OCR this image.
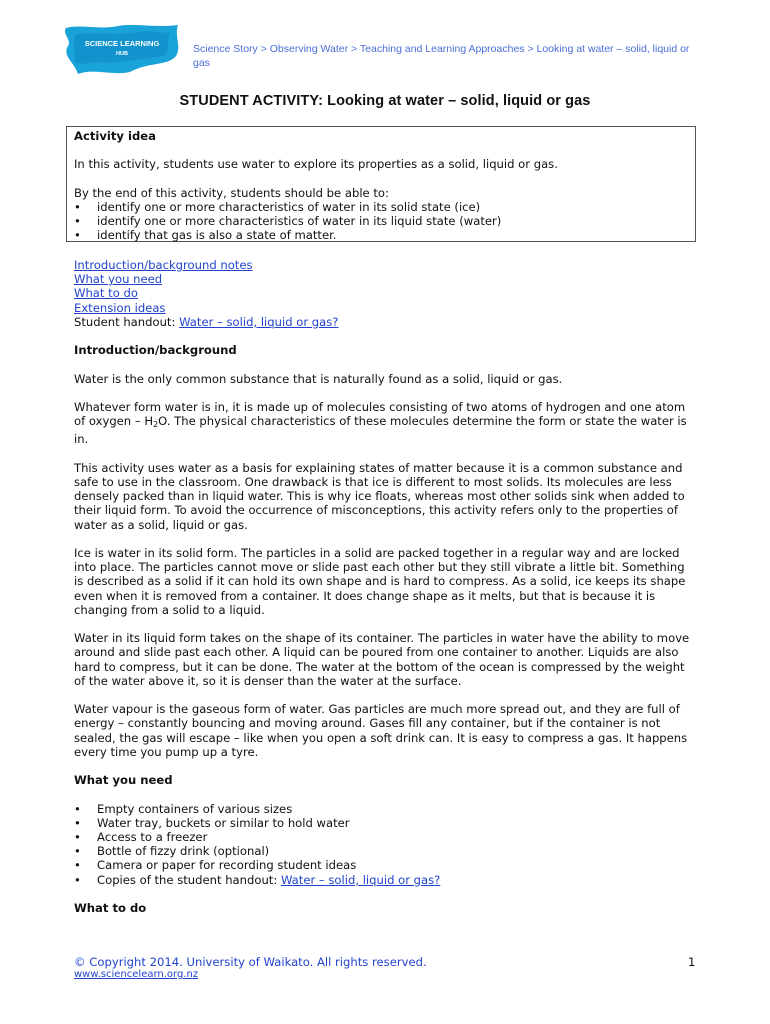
SCIENCE LEARNING
HUB	Science Story > Observing Water > Teaching and Learning Approaches > Looking at water – solid, liquid or gas
STUDENT ACTIVITY: Looking at water – solid, liquid or gas

Activity idea

In this activity, students use water to explore its properties as a solid, liquid or gas.

By the end of this activity, students should be able to:

• identify one or more characteristics of water in its solid state (ice)
• identify one or more characteristics of water in its liquid state (water)
• identify that gas is also a state of matter.

Introduction/background notes

What you need

What to do

Extension ideas

Student handout: Water – solid, liquid or gas?

Introduction/background

Water is the only common substance that is naturally found as a solid, liquid or gas.

Whatever form water is in, it is made up of molecules consisting of two atoms of hydrogen and one atom of oxygen – $H_2O$. The physical characteristics of these molecules determine the form or state the water is in.

This activity uses water as a basis for explaining states of matter because it is a common substance and safe to use in the classroom. One drawback is that ice is different to most solids. Its molecules are less densely packed than in liquid water. This is why ice floats, whereas most other solids sink when added to their liquid form. To avoid the occurrence of misconceptions, this activity refers only to the properties of water as a solid, liquid or gas.

Ice is water in its solid form. The particles in a solid are packed together in a regular way and are locked into place. The particles cannot move or slide past each other but they still vibrate a little bit. Something is described as a solid if it can hold its own shape and is hard to compress. As a solid, ice keeps its shape even when it is removed from a container. It does change shape as it melts, but that is because it is changing from a solid to a liquid.

Water in its liquid form takes on the shape of its container. The particles in water have the ability to move around and slide past each other. A liquid can be poured from one container to another. Liquids are also hard to compress, but it can be done. The water at the bottom of the ocean is compressed by the weight of the water above it, so it is denser than the water at the surface.

Water vapour is the gaseous form of water. Gas particles are much more spread out, and they are full of energy – constantly bouncing and moving around. Gases fill any container, but if the container is not sealed, the gas will escape – like when you open a soft drink can. It is easy to compress a gas. It happens every time you pump up a tyre.

What you need

• Empty containers of various sizes
• Water tray, buckets or similar to hold water
• Access to a freezer
• Bottle of fizzy drink (optional)
• Camera or paper for recording student ideas
• Copies of the student handout: Water – solid, liquid or gas?

What to do

© Copyright 2014. University of Waikato. All rights reserved.
www.sciencelearn.org.nz
1
